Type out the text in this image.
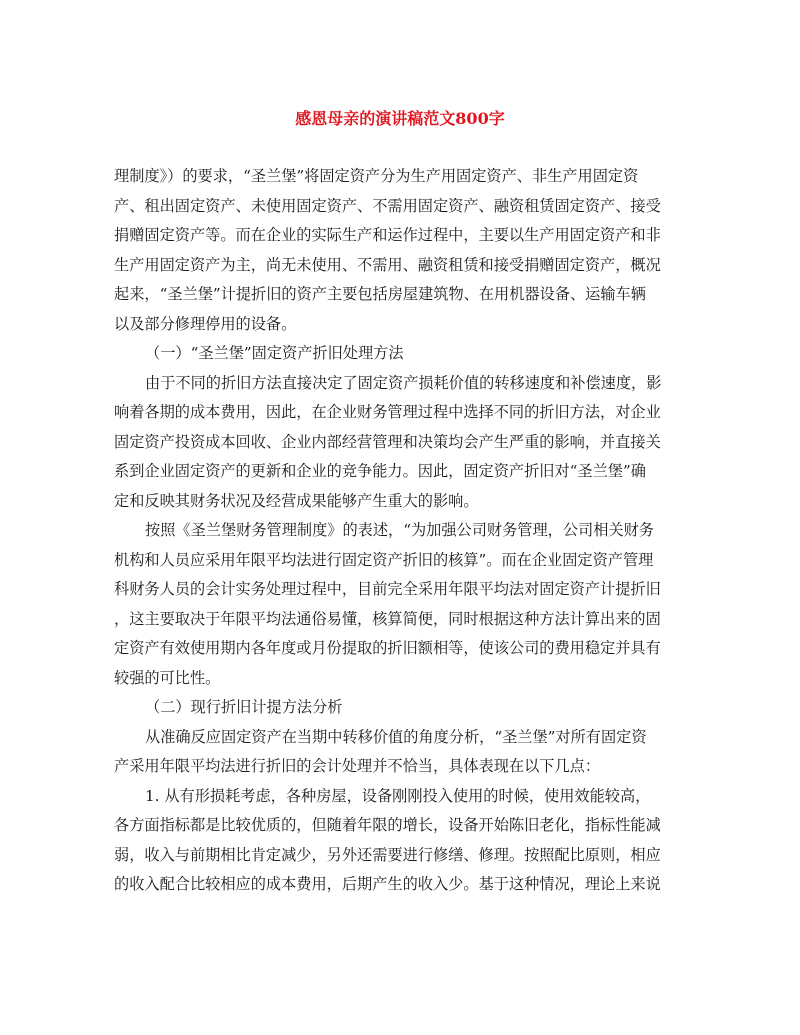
感恩母亲的演讲稿范文800字
理制度》）的要求，“圣兰堡”将固定资产分为生产用固定资产、非生产用固定资
产、租出固定资产、未使用固定资产、不需用固定资产、融资租赁固定资产、接受
捐赠固定资产等。而在企业的实际生产和运作过程中，主要以生产用固定资产和非
生产用固定资产为主，尚无未使用、不需用、融资租赁和接受捐赠固定资产，概况
起来，“圣兰堡”计提折旧的资产主要包括房屋建筑物、在用机器设备、运输车辆
以及部分修理停用的设备。
（一）“圣兰堡”固定资产折旧处理方法
由于不同的折旧方法直接决定了固定资产损耗价值的转移速度和补偿速度，影
响着各期的成本费用，因此，在企业财务管理过程中选择不同的折旧方法，对企业
固定资产投资成本回收、企业内部经营管理和决策均会产生严重的影响，并直接关
系到企业固定资产的更新和企业的竞争能力。因此，固定资产折旧对“圣兰堡”确
定和反映其财务状况及经营成果能够产生重大的影响。
按照《圣兰堡财务管理制度》的表述，“为加强公司财务管理，公司相关财务
机构和人员应采用年限平均法进行固定资产折旧的核算”。而在企业固定资产管理
科财务人员的会计实务处理过程中，目前完全采用年限平均法对固定资产计提折旧
，这主要取决于年限平均法通俗易懂，核算简便，同时根据这种方法计算出来的固
定资产有效使用期内各年度或月份提取的折旧额相等，使该公司的费用稳定并具有
较强的可比性。
（二）现行折旧计提方法分析
从准确反应固定资产在当期中转移价值的角度分析，“圣兰堡”对所有固定资
产采用年限平均法进行折旧的会计处理并不恰当，具体表现在以下几点：
1. 从有形损耗考虑，各种房屋，设备刚刚投入使用的时候，使用效能较高，
各方面指标都是比较优质的，但随着年限的增长，设备开始陈旧老化，指标性能减
弱，收入与前期相比肯定减少，另外还需要进行修缮、修理。按照配比原则，相应
的收入配合比较相应的成本费用，后期产生的收入少。基于这种情况，理论上来说
